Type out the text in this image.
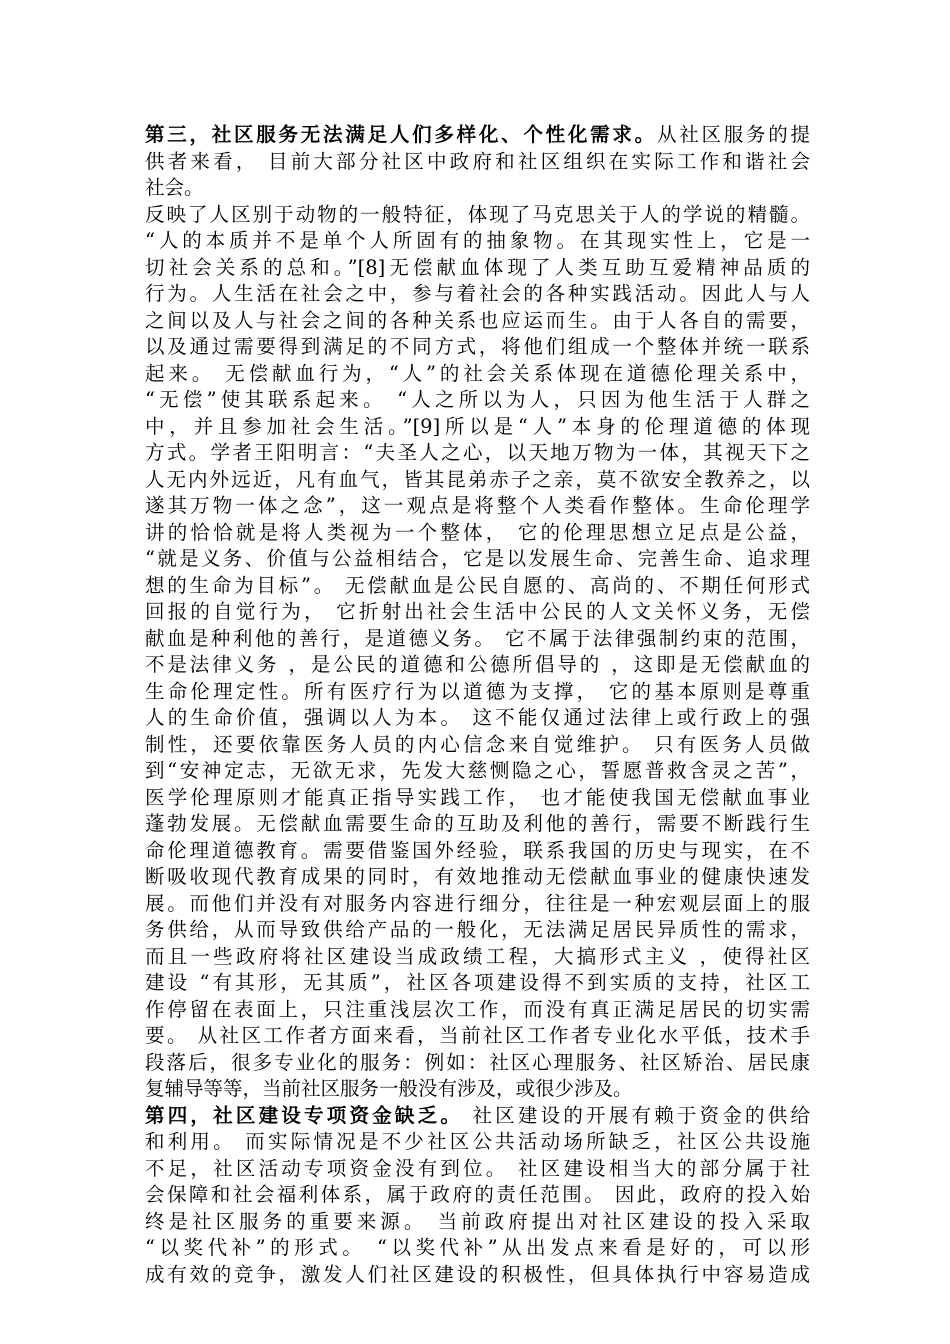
第三，社区服务无法满足人们多样化、个性化需求。从社区服务的提
供者来看， 目前大部分社区中政府和社区组织在实际工作和谐社会
社会。
反映了人区别于动物的一般特征，体现了马克思关于人的学说的精髓。
“人的本质并不是单个人所固有的抽象物。在其现实性上，它是一
切社会关系的总和。”[8]无偿献血体现了人类互助互爱精神品质的
行为。人生活在社会之中，参与着社会的各种实践活动。因此人与人
之间以及人与社会之间的各种关系也应运而生。由于人各自的需要，
以及通过需要得到满足的不同方式，将他们组成一个整体并统一联系
起来。 无偿献血行为，“人”的社会关系体现在道德伦理关系中，
“无偿”使其联系起来。 “人之所以为人，只因为他生活于人群之
中，并且参加社会生活。”[9]所以是“人”本身的伦理道德的体现
方式。学者王阳明言：“夫圣人之心，以天地万物为一体，其视天下之
人无内外远近，凡有血气，皆其昆弟赤子之亲，莫不欲安全教养之，以
遂其万物一体之念”，这一观点是将整个人类看作整体。生命伦理学
讲的恰恰就是将人类视为一个整体， 它的伦理思想立足点是公益，
“就是义务、价值与公益相结合，它是以发展生命、完善生命、追求理
想的生命为目标”。 无偿献血是公民自愿的、高尚的、不期任何形式
回报的自觉行为， 它折射出社会生活中公民的人文关怀义务，无偿
献血是种利他的善行，是道德义务。 它不属于法律强制约束的范围，
不是法律义务 ，是公民的道德和公德所倡导的 ，这即是无偿献血的
生命伦理定性。所有医疗行为以道德为支撑， 它的基本原则是尊重
人的生命价值，强调以人为本。 这不能仅通过法律上或行政上的强
制性，还要依靠医务人员的内心信念来自觉维护。 只有医务人员做
到“安神定志，无欲无求，先发大慈恻隐之心，誓愿普救含灵之苦”，
医学伦理原则才能真正指导实践工作， 也才能使我国无偿献血事业
蓬勃发展。无偿献血需要生命的互助及利他的善行，需要不断践行生
命伦理道德教育。需要借鉴国外经验，联系我国的历史与现实，在不
断吸收现代教育成果的同时，有效地推动无偿献血事业的健康快速发
展。而他们并没有对服务内容进行细分，往往是一种宏观层面上的服
务供给，从而导致供给产品的一般化，无法满足居民异质性的需求，
而且一些政府将社区建设当成政绩工程，大搞形式主义 ，使得社区
建设 “有其形，无其质”，社区各项建设得不到实质的支持，社区工
作停留在表面上，只注重浅层次工作，而没有真正满足居民的切实需
要。 从社区工作者方面来看，当前社区工作者专业化水平低，技术手
段落后，很多专业化的服务：例如：社区心理服务、社区矫治、居民康
复辅导等等，当前社区服务一般没有涉及，或很少涉及。
第四，社区建设专项资金缺乏。 社区建设的开展有赖于资金的供给
和利用。 而实际情况是不少社区公共活动场所缺乏，社区公共设施
不足，社区活动专项资金没有到位。 社区建设相当大的部分属于社
会保障和社会福利体系，属于政府的责任范围。 因此，政府的投入始
终是社区服务的重要来源。 当前政府提出对社区建设的投入采取
“以奖代补”的形式。 “以奖代补”从出发点来看是好的，可以形
成有效的竞争，激发人们社区建设的积极性，但具体执行中容易造成
